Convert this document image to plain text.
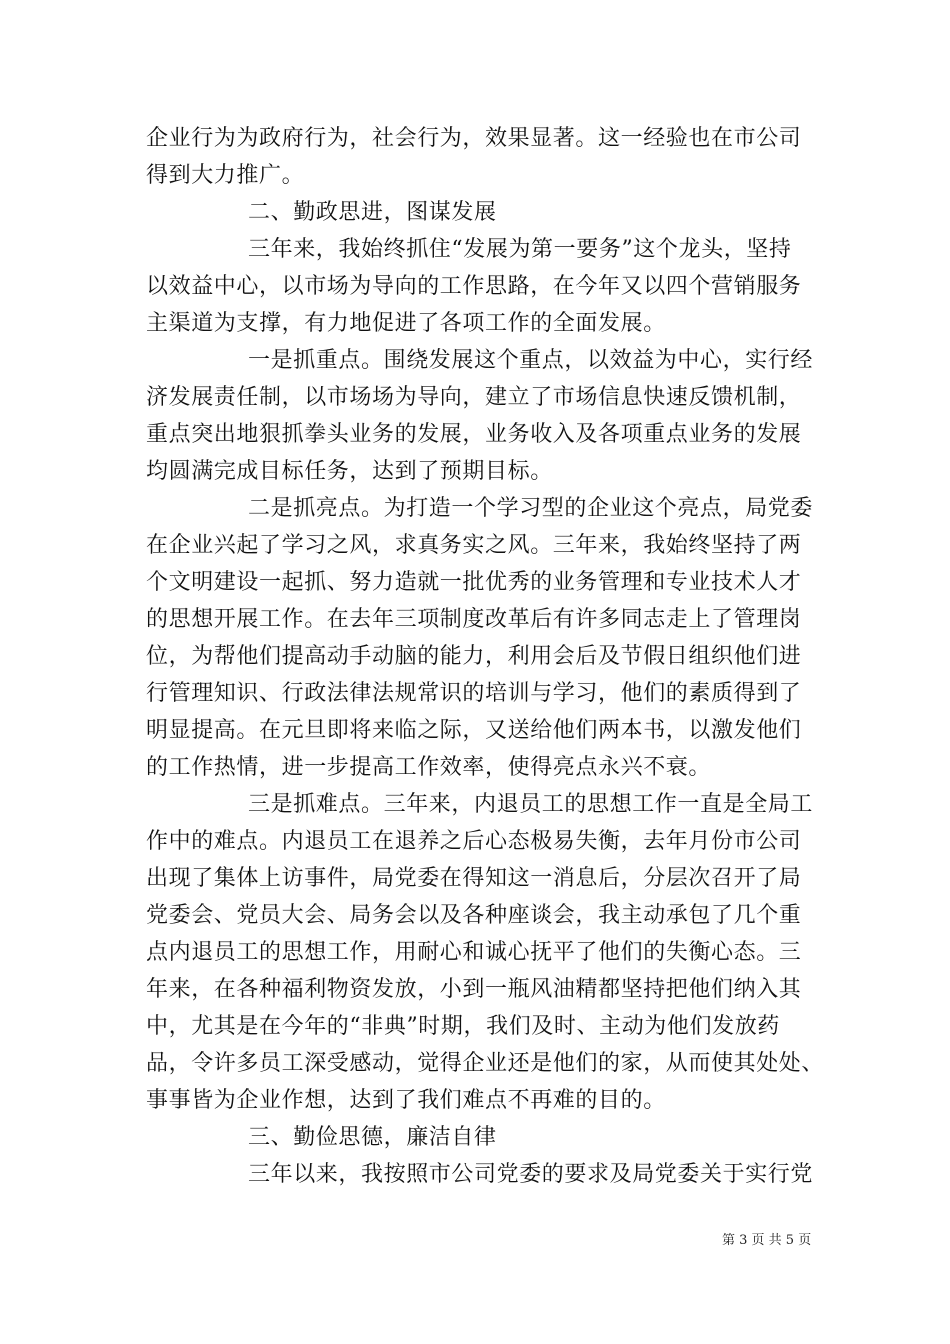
企业行为为政府行为，社会行为，效果显著。这一经验也在市公司
得到大力推广。
二、勤政思进，图谋发展
三年来，我始终抓住“发展为第一要务”这个龙头，坚持
以效益中心，以市场为导向的工作思路，在今年又以四个营销服务
主渠道为支撑，有力地促进了各项工作的全面发展。
一是抓重点。围绕发展这个重点，以效益为中心，实行经
济发展责任制，以市场场为导向，建立了市场信息快速反馈机制，
重点突出地狠抓拳头业务的发展，业务收入及各项重点业务的发展
均圆满完成目标任务，达到了预期目标。
二是抓亮点。为打造一个学习型的企业这个亮点，局党委
在企业兴起了学习之风，求真务实之风。三年来，我始终坚持了两
个文明建设一起抓、努力造就一批优秀的业务管理和专业技术人才
的思想开展工作。在去年三项制度改革后有许多同志走上了管理岗
位，为帮他们提高动手动脑的能力，利用会后及节假日组织他们进
行管理知识、行政法律法规常识的培训与学习，他们的素质得到了
明显提高。在元旦即将来临之际，又送给他们两本书，以激发他们
的工作热情，进一步提高工作效率，使得亮点永兴不衰。
三是抓难点。三年来，内退员工的思想工作一直是全局工
作中的难点。内退员工在退养之后心态极易失衡，去年月份市公司
出现了集体上访事件，局党委在得知这一消息后，分层次召开了局
党委会、党员大会、局务会以及各种座谈会，我主动承包了几个重
点内退员工的思想工作，用耐心和诚心抚平了他们的失衡心态。三
年来，在各种福利物资发放，小到一瓶风油精都坚持把他们纳入其
中，尤其是在今年的“非典”时期，我们及时、主动为他们发放药
品，令许多员工深受感动，觉得企业还是他们的家，从而使其处处、
事事皆为企业作想，达到了我们难点不再难的目的。
三、勤俭思德，廉洁自律
三年以来，我按照市公司党委的要求及局党委关于实行党
第 3 页 共 5 页
